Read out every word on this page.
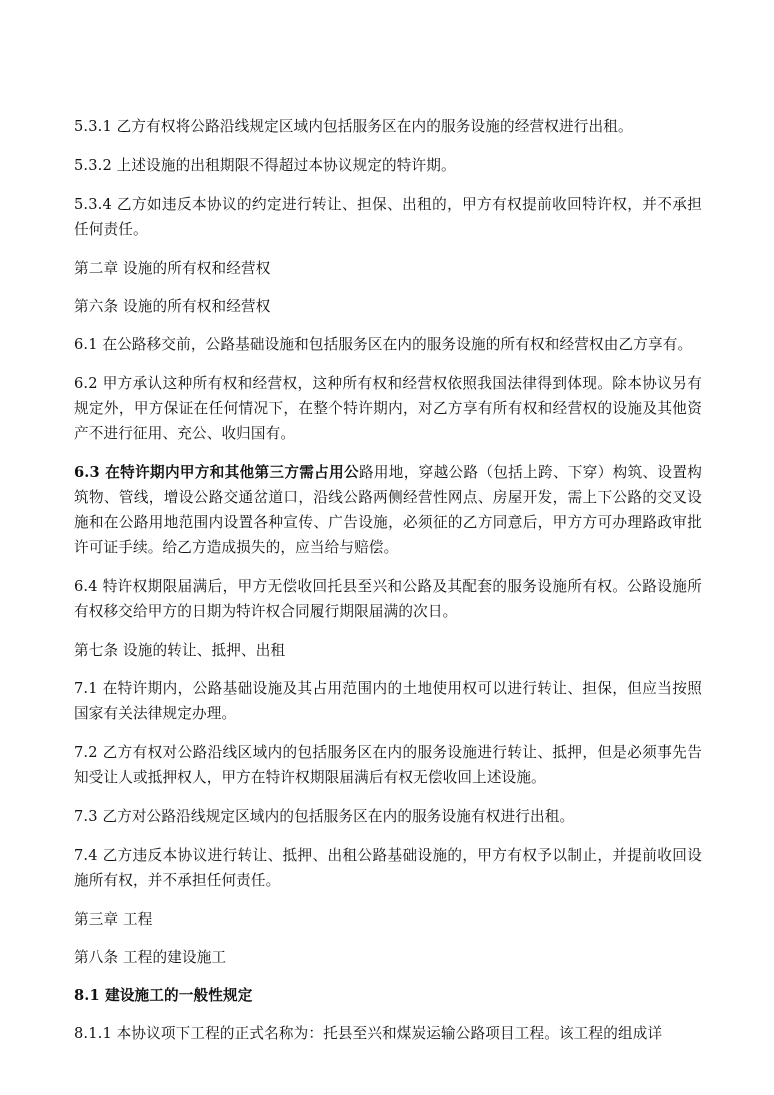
5.3.1 乙方有权将公路沿线规定区域内包括服务区在内的服务设施的经营权进行出租。

5.3.2 上述设施的出租期限不得超过本协议规定的特许期。

5.3.4 乙方如违反本协议的约定进行转让、担保、出租的，甲方有权提前收回特许权，并不承担任何责任。

第二章 设施的所有权和经营权

第六条 设施的所有权和经营权

6.1 在公路移交前，公路基础设施和包括服务区在内的服务设施的所有权和经营权由乙方享有。

6.2 甲方承认这种所有权和经营权，这种所有权和经营权依照我国法律得到体现。除本协议另有规定外，甲方保证在任何情况下，在整个特许期内，对乙方享有所有权和经营权的设施及其他资产不进行征用、充公、收归国有。

6.3 在特许期内甲方和其他第三方需占用公路用地，穿越公路（包括上跨、下穿）构筑、设置构筑物、管线，增设公路交通岔道口，沿线公路两侧经营性网点、房屋开发，需上下公路的交叉设施和在公路用地范围内设置各种宣传、广告设施，必须征的乙方同意后，甲方方可办理路政审批许可证手续。给乙方造成损失的，应当给与赔偿。

6.4 特许权期限届满后，甲方无偿收回托县至兴和公路及其配套的服务设施所有权。公路设施所有权移交给甲方的日期为特许权合同履行期限届满的次日。

第七条 设施的转让、抵押、出租

7.1 在特许期内，公路基础设施及其占用范围内的土地使用权可以进行转让、担保，但应当按照国家有关法律规定办理。

7.2 乙方有权对公路沿线区域内的包括服务区在内的服务设施进行转让、抵押，但是必须事先告知受让人或抵押权人，甲方在特许权期限届满后有权无偿收回上述设施。

7.3 乙方对公路沿线规定区域内的包括服务区在内的服务设施有权进行出租。

7.4 乙方违反本协议进行转让、抵押、出租公路基础设施的，甲方有权予以制止，并提前收回设施所有权，并不承担任何责任。

第三章 工程

第八条 工程的建设施工

8.1 建设施工的一般性规定

8.1.1 本协议项下工程的正式名称为：托县至兴和煤炭运输公路项目工程。该工程的组成详
